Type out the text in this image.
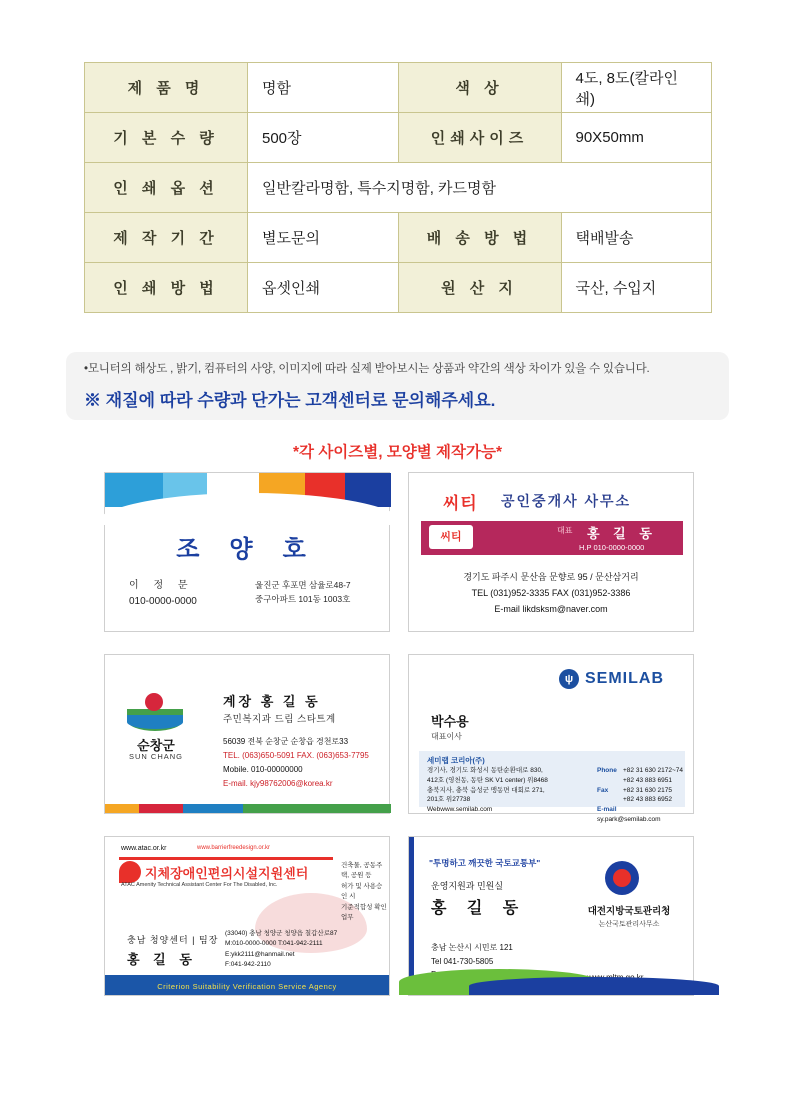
제 품 명	명함	색 상	4도, 8도(칼라인쇄)
기 본 수 량	500장	인쇄사이즈	90X50mm
인 쇄 옵 션	일반칼라명함, 특수지명함, 카드명함		
제 작 기 간	별도문의	배 송 방 법	택배발송
인 쇄 방 법	옵셋인쇄	원 산 지	국산, 수입지
•모니터의 해상도 , 밝기, 컴퓨터의 사양, 이미지에 따라 실제 받아보시는 상품과 약간의 색상 차이가 있을 수 있습니다.
※ 재질에 따라 수량과 단가는 고객센터로 문의해주세요.
*각 사이즈별, 모양별 제작가능*
조 양 호
이 정 문
010-0000-0000
울진군 후포면 삼율로48-7
중구아파트 101동 1003호
씨티 공인중개사 사무소
씨티
대표 홍 길 동
H.P 010-0000-0000
경기도 파주시 문산읍 문향로 95 / 문산삼거리
TEL (031)952-3335 FAX (031)952-3386
E-mail likdsksm@naver.com
순창군
SUN CHANG
계장 홍 길 동
주민복지과 드림 스타트계
56039 전북 순창군 순창읍 경천로33
TEL. (063)650-5091 FAX. (063)653-7795
Mobile. 010-00000000
E-mail. kjy98762006@korea.kr
ψ SEMILAB
박수용
대표이사
세미랩 코리아(주)
경기사, 경기도 화성시 동탄순환대로 830,
412호 (영천동, 동탄 SK V1 center) 위8468
충북지사, 충북 음성군 맹동면 대회로 271,
201호 위27738
Webwww.semilab.com
Phone +82 31 630 2172~74
+82 43 883 6951
Fax +82 31 630 2175
+82 43 883 6952
E-mailsy.park@semilab.com
www.atac.or.kr	www.barrierfreedesign.or.kr
지체장애인편의시설지원센터
ATAC Amenity Technical Assistant Center For The Disabled, Inc.
건축물, 공동주택, 공원 등
허가 및 사용승인 시
기준적합성 확인업무
충남 청양센터 | 팀장
홍 길 동
(33040) 충남 청양군 청양읍 칠갑산로87
M:010-0000-0000 T:041-942-2111
E:ykk2111@hanmail.net
F:041-942-2110
Criterion Suitability Verification Service Agency
"투명하고 깨끗한 국토교통부"
운영지원과 민원실
홍 길 동	대전지방국토관리청
논산국토관리사무소
충남 논산시 시민로 121
Tel 041-730-5805
